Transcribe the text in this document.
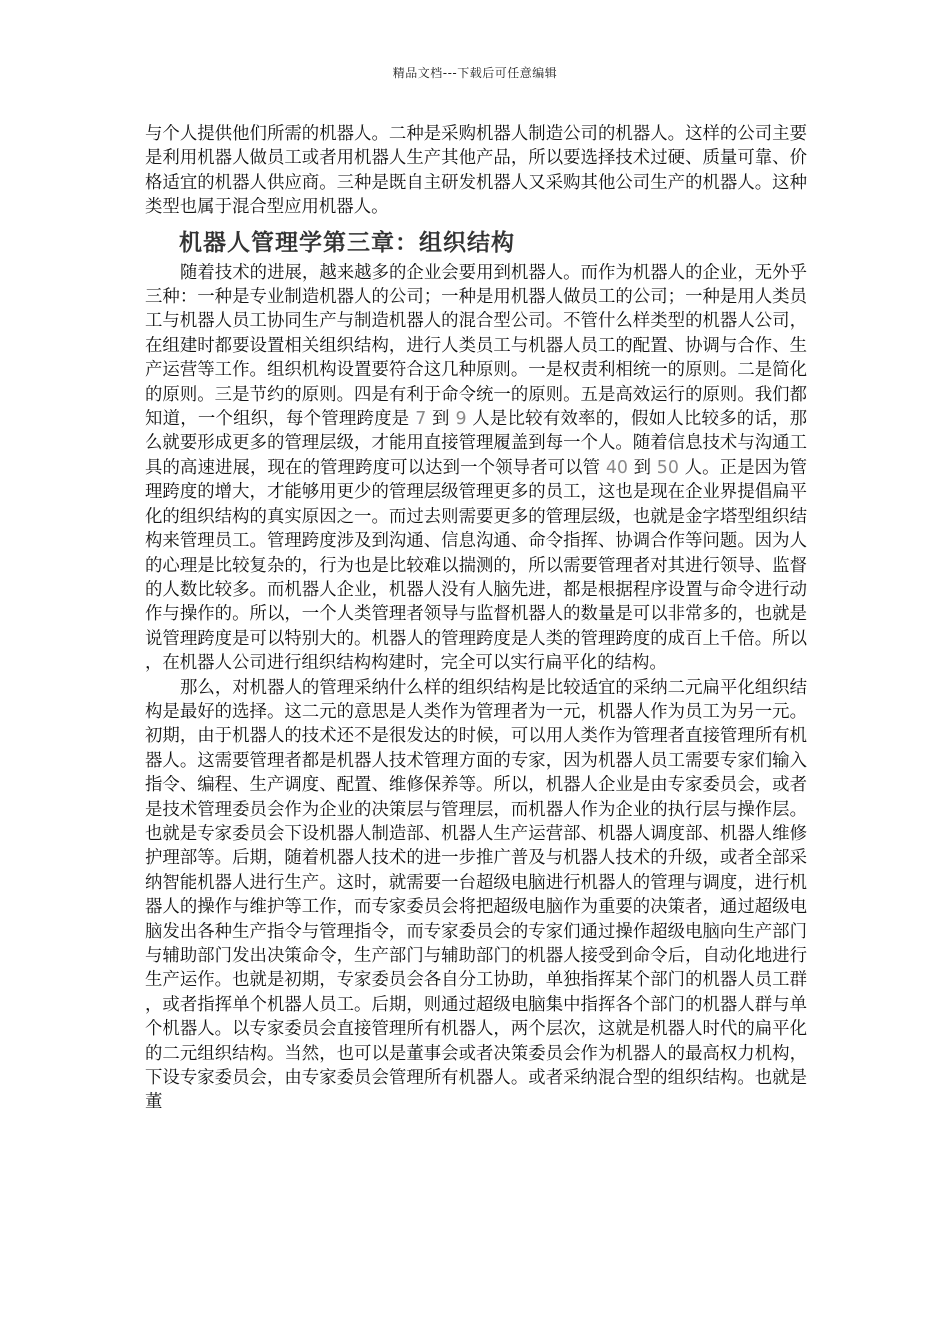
精品文档---下载后可任意编辑

与个人提供他们所需的机器人。二种是采购机器人制造公司的机器人。这样的公司主要是利用机器人做员工或者用机器人生产其他产品，所以要选择技术过硬、质量可靠、价格适宜的机器人供应商。三种是既自主研发机器人又采购其他公司生产的机器人。这种类型也属于混合型应用机器人。

机器人管理学第三章：组织结构

随着技术的进展，越来越多的企业会要用到机器人。而作为机器人的企业，无外乎三种：一种是专业制造机器人的公司；一种是用机器人做员工的公司；一种是用人类员工与机器人员工协同生产与制造机器人的混合型公司。不管什么样类型的机器人公司，在组建时都要设置相关组织结构，进行人类员工与机器人员工的配置、协调与合作、生产运营等工作。组织机构设置要符合这几种原则。一是权责利相统一的原则。二是简化的原则。三是节约的原则。四是有利于命令统一的原则。五是高效运行的原则。我们都知道，一个组织，每个管理跨度是 7 到 9 人是比较有效率的，假如人比较多的话，那么就要形成更多的管理层级，才能用直接管理履盖到每一个人。随着信息技术与沟通工具的高速进展，现在的管理跨度可以达到一个领导者可以管 40 到 50 人。正是因为管理跨度的增大，才能够用更少的管理层级管理更多的员工，这也是现在企业界提倡扁平化的组织结构的真实原因之一。而过去则需要更多的管理层级，也就是金字塔型组织结构来管理员工。管理跨度涉及到沟通、信息沟通、命令指挥、协调合作等问题。因为人的心理是比较复杂的，行为也是比较难以揣测的，所以需要管理者对其进行领导、监督的人数比较多。而机器人企业，机器人没有人脑先进，都是根据程序设置与命令进行动作与操作的。所以，一个人类管理者领导与监督机器人的数量是可以非常多的，也就是说管理跨度是可以特别大的。机器人的管理跨度是人类的管理跨度的成百上千倍。所以，在机器人公司进行组织结构构建时，完全可以实行扁平化的结构。

那么，对机器人的管理采纳什么样的组织结构是比较适宜的采纳二元扁平化组织结构是最好的选择。这二元的意思是人类作为管理者为一元，机器人作为员工为另一元。初期，由于机器人的技术还不是很发达的时候，可以用人类作为管理者直接管理所有机器人。这需要管理者都是机器人技术管理方面的专家，因为机器人员工需要专家们输入指令、编程、生产调度、配置、维修保养等。所以，机器人企业是由专家委员会，或者是技术管理委员会作为企业的决策层与管理层，而机器人作为企业的执行层与操作层。也就是专家委员会下设机器人制造部、机器人生产运营部、机器人调度部、机器人维修护理部等。后期，随着机器人技术的进一步推广普及与机器人技术的升级，或者全部采纳智能机器人进行生产。这时，就需要一台超级电脑进行机器人的管理与调度，进行机器人的操作与维护等工作，而专家委员会将把超级电脑作为重要的决策者，通过超级电脑发出各种生产指令与管理指令，而专家委员会的专家们通过操作超级电脑向生产部门与辅助部门发出决策命令，生产部门与辅助部门的机器人接受到命令后，自动化地进行生产运作。也就是初期，专家委员会各自分工协助，单独指挥某个部门的机器人员工群，或者指挥单个机器人员工。后期，则通过超级电脑集中指挥各个部门的机器人群与单个机器人。以专家委员会直接管理所有机器人，两个层次，这就是机器人时代的扁平化的二元组织结构。当然，也可以是董事会或者决策委员会作为机器人的最高权力机构，下设专家委员会，由专家委员会管理所有机器人。或者采纳混合型的组织结构。也就是董
